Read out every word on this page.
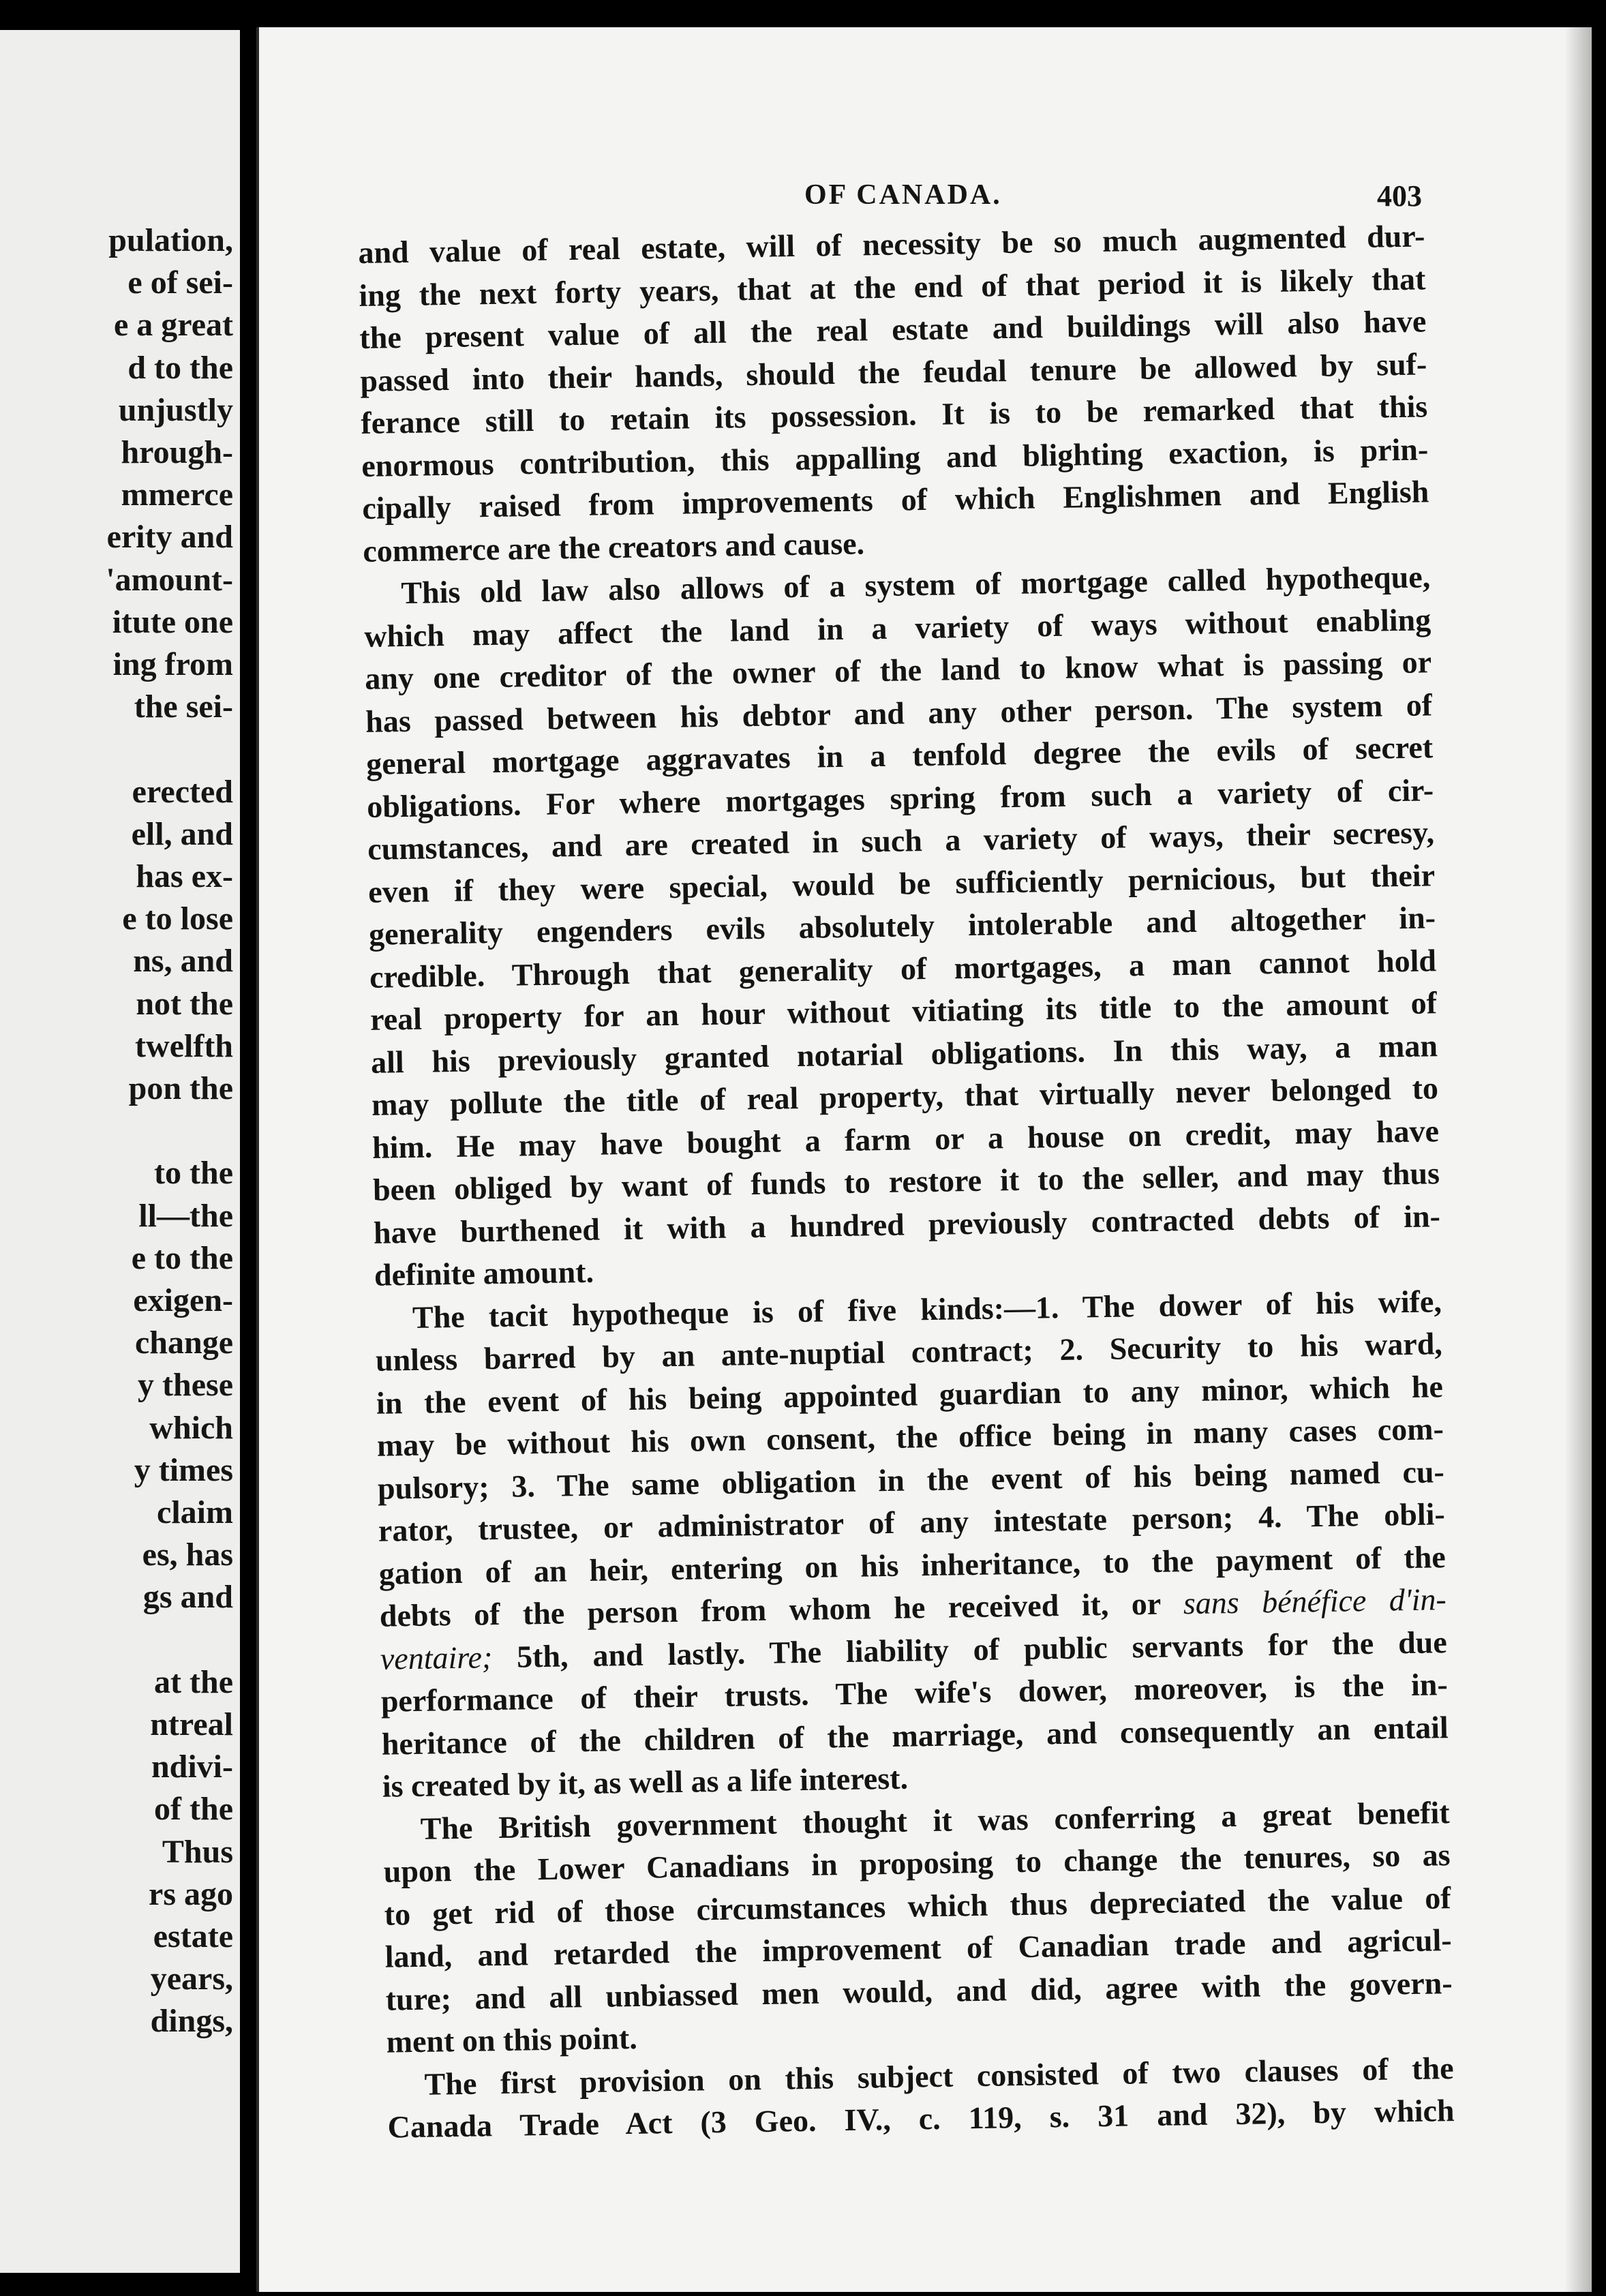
pulation,
e of sei-
e a great
d to the
unjustly
hrough-
mmerce
erity and
'amount-
itute one
ing from
the sei-
erected
ell, and
has ex-
e to lose
ns, and
not the
twelfth
pon the
to the
ll—the
e to the
exigen-
change
y these
which
y times
claim
es, has
gs and
at the
ntreal
ndivi-
of the
Thus
rs ago
estate
years,
dings,
OF CANADA.	403
and value of real estate, will of necessity be so much augmented dur-
ing the next forty years, that at the end of that period it is likely that
the present value of all the real estate and buildings will also have
passed into their hands, should the feudal tenure be allowed by suf-
ferance still to retain its possession. It is to be remarked that this
enormous contribution, this appalling and blighting exaction, is prin-
cipally raised from improvements of which Englishmen and English
commerce are the creators and cause.
This old law also allows of a system of mortgage called hypotheque,
which may affect the land in a variety of ways without enabling
any one creditor of the owner of the land to know what is passing or
has passed between his debtor and any other person. The system of
general mortgage aggravates in a tenfold degree the evils of secret
obligations. For where mortgages spring from such a variety of cir-
cumstances, and are created in such a variety of ways, their secresy,
even if they were special, would be sufficiently pernicious, but their
generality engenders evils absolutely intolerable and altogether in-
credible. Through that generality of mortgages, a man cannot hold
real property for an hour without vitiating its title to the amount of
all his previously granted notarial obligations. In this way, a man
may pollute the title of real property, that virtually never belonged to
him. He may have bought a farm or a house on credit, may have
been obliged by want of funds to restore it to the seller, and may thus
have burthened it with a hundred previously contracted debts of in-
definite amount.
The tacit hypotheque is of five kinds:—1. The dower of his wife,
unless barred by an ante-nuptial contract; 2. Security to his ward,
in the event of his being appointed guardian to any minor, which he
may be without his own consent, the office being in many cases com-
pulsory; 3. The same obligation in the event of his being named cu-
rator, trustee, or administrator of any intestate person; 4. The obli-
gation of an heir, entering on his inheritance, to the payment of the
debts of the person from whom he received it, or sans bénéfice d'in-
ventaire; 5th, and lastly. The liability of public servants for the due
performance of their trusts. The wife's dower, moreover, is the in-
heritance of the children of the marriage, and consequently an entail
is created by it, as well as a life interest.
The British government thought it was conferring a great benefit
upon the Lower Canadians in proposing to change the tenures, so as
to get rid of those circumstances which thus depreciated the value of
land, and retarded the improvement of Canadian trade and agricul-
ture; and all unbiassed men would, and did, agree with the govern-
ment on this point.
The first provision on this subject consisted of two clauses of the
Canada Trade Act (3 Geo. IV., c. 119, s. 31 and 32), by which
